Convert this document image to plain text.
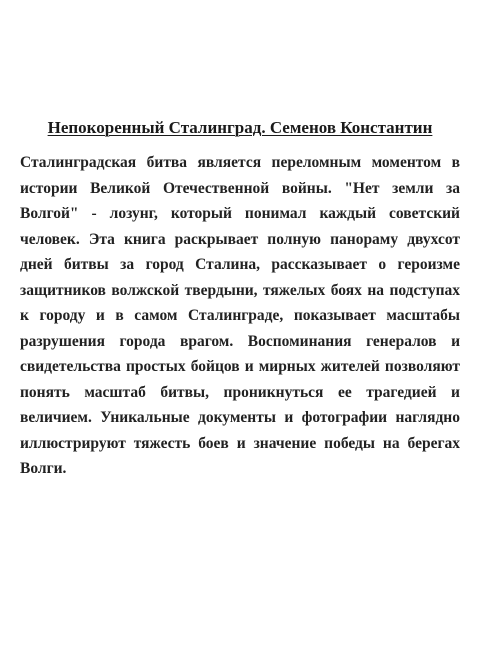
Непокоренный Сталинград. Семенов Константин

Сталинградская битва является переломным моментом в истории Великой Отечественной войны. "Нет земли за Волгой" - лозунг, который понимал каждый советский человек. Эта книга раскрывает полную панораму двухсот дней битвы за город Сталина, рассказывает о героизме защитников волжской твердыни, тяжелых боях на подступах к городу и в самом Сталинграде, показывает масштабы разрушения города врагом. Воспоминания генералов и свидетельства простых бойцов и мирных жителей позволяют понять масштаб битвы, проникнуться ее трагедией и величием. Уникальные документы и фотографии наглядно иллюстрируют тяжесть боев и значение победы на берегах Волги.
